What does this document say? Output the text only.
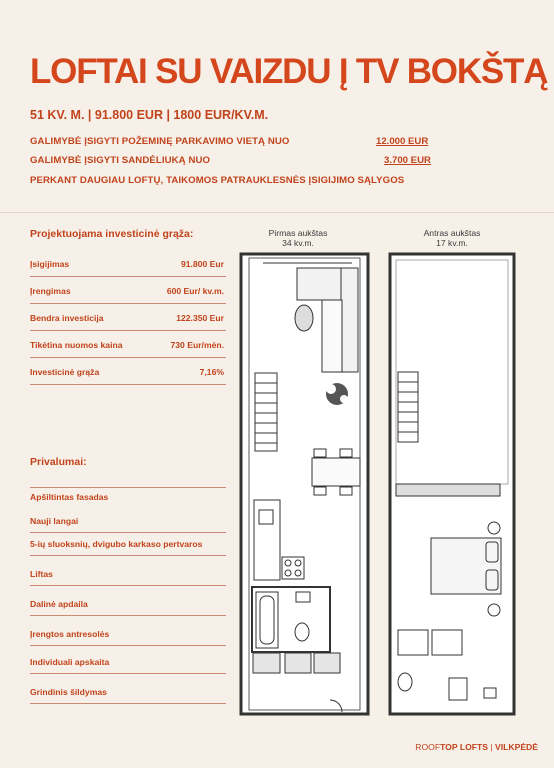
LOFTAI SU VAIZDU Į TV BOKŠTĄ
51 KV. M. | 91.800 EUR | 1800 EUR/KV.M.
GALIMYBĖ ĮSIGYTI POŽEMINĘ PARKAVIMO VIETĄ NUO	12.000 EUR
GALIMYBĖ ĮSIGYTI SANDĖLIUKĄ NUO	3.700 EUR
PERKANT DAUGIAU LOFTŲ, TAIKOMOS PATRAUKLESNĖS ĮSIGIJIMO SĄLYGOS
Projektuojama investicinė grąža:
Įsigijimas	91.800 Eur
Įrengimas	600 Eur/ kv.m.
Bendra investicija	122.350 Eur
Tikėtina nuomos kaina	730 Eur/mėn.
Investicinė grąža	7,16%
Privalumai:
Apšiltintas fasadas
Nauji langai
5-ių sluoksnių, dvigubo karkaso pertvaros
Liftas
Dalinė apdaila
Įrengtos antresolės
Individuali apskaita
Grindinis šildymas
Pirmas aukštas
34 kv.m.
Antras aukštas
17 kv.m.
ROOFTOP LOFTS | VILKPĖDĖ
